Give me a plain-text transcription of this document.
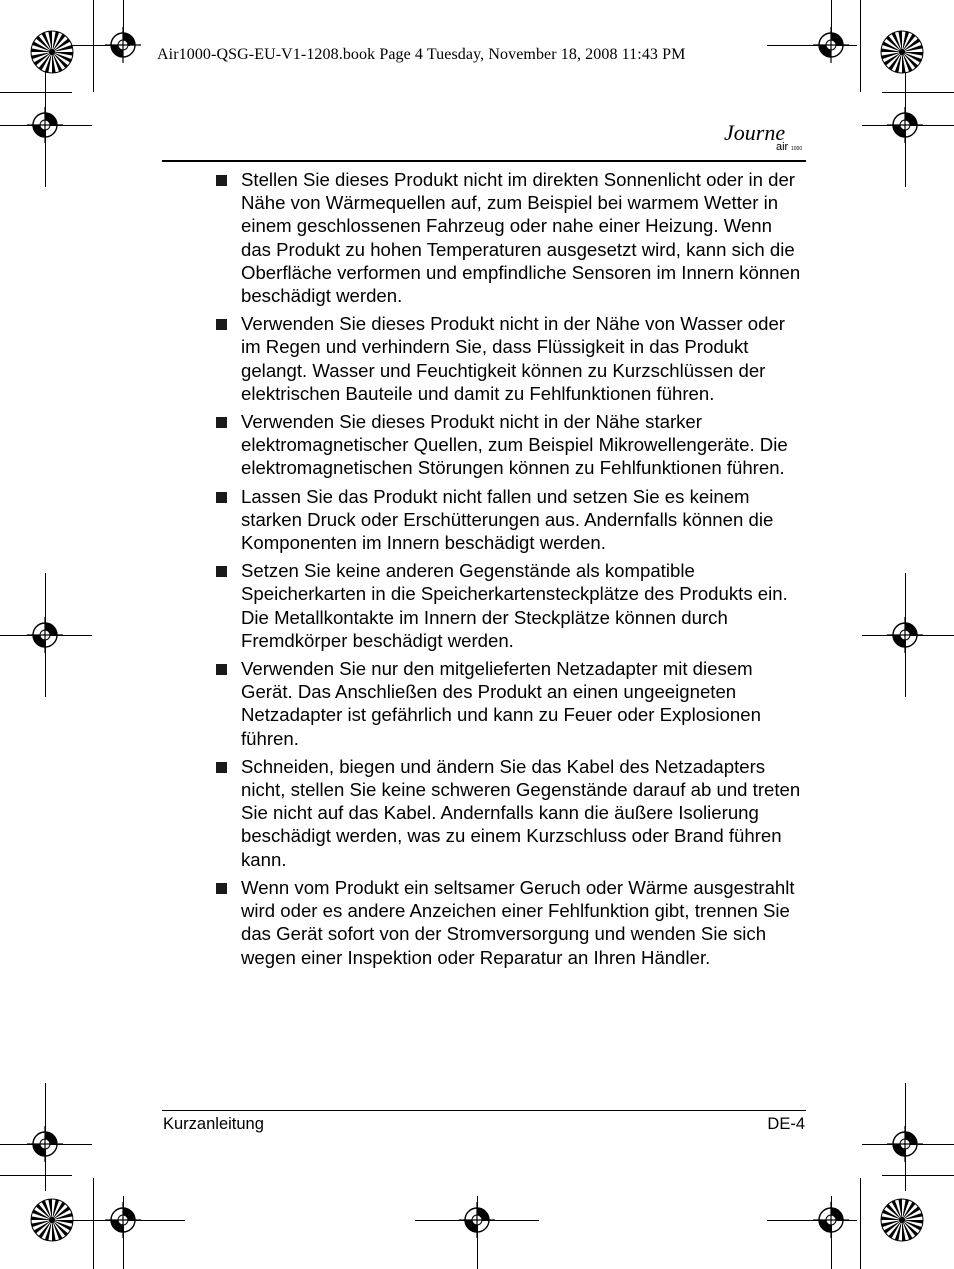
Air1000-QSG-EU-V1-1208.book Page 4 Tuesday, November 18, 2008 11:43 PM
Journe
air 1000
Stellen Sie dieses Produkt nicht im direkten Sonnenlicht oder in der Nähe von Wärmequellen auf, zum Beispiel bei warmem Wetter in einem geschlossenen Fahrzeug oder nahe einer Heizung. Wenn das Produkt zu hohen Temperaturen ausgesetzt wird, kann sich die Oberfläche verformen und empfindliche Sensoren im Innern können beschädigt werden.
Verwenden Sie dieses Produkt nicht in der Nähe von Wasser oder im Regen und verhindern Sie, dass Flüssigkeit in das Produkt gelangt. Wasser und Feuchtigkeit können zu Kurzschlüssen der elektrischen Bauteile und damit zu Fehlfunktionen führen.
Verwenden Sie dieses Produkt nicht in der Nähe starker elektromagnetischer Quellen, zum Beispiel Mikrowellengeräte. Die elektromagnetischen Störungen können zu Fehlfunktionen führen.
Lassen Sie das Produkt nicht fallen und setzen Sie es keinem starken Druck oder Erschütterungen aus. Andernfalls können die Komponenten im Innern beschädigt werden.
Setzen Sie keine anderen Gegenstände als kompatible Speicherkarten in die Speicherkartensteckplätze des Produkts ein. Die Metallkontakte im Innern der Steckplätze können durch Fremdkörper beschädigt werden.
Verwenden Sie nur den mitgelieferten Netzadapter mit diesem Gerät. Das Anschließen des Produkt an einen ungeeigneten Netzadapter ist gefährlich und kann zu Feuer oder Explosionen führen.
Schneiden, biegen und ändern Sie das Kabel des Netzadapters nicht, stellen Sie keine schweren Gegenstände darauf ab und treten Sie nicht auf das Kabel. Andernfalls kann die äußere Isolierung beschädigt werden, was zu einem Kurzschluss oder Brand führen kann.
Wenn vom Produkt ein seltsamer Geruch oder Wärme ausgestrahlt wird oder es andere Anzeichen einer Fehlfunktion gibt, trennen Sie das Gerät sofort von der Stromversorgung und wenden Sie sich wegen einer Inspektion oder Reparatur an Ihren Händler.
Kurzanleitung	DE-4
